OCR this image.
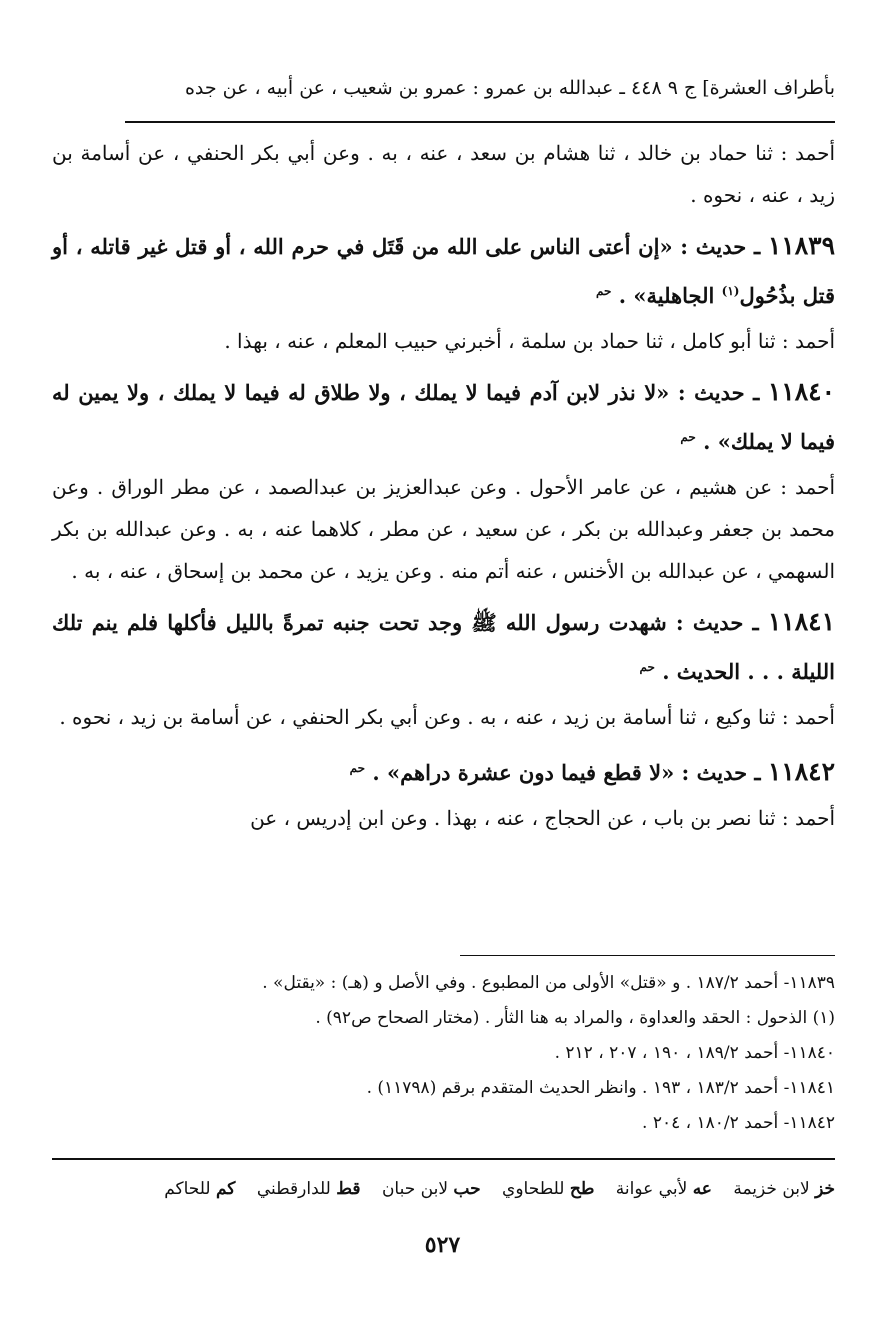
بأطراف العشرة] ج ٩ ٤٤٨ ـ عبدالله بن عمرو : عمرو بن شعيب ، عن أبيه ، عن جده

أحمد : ثنا حماد بن خالد ، ثنا هشام بن سعد ، عنه ، به . وعن أبي بكر الحنفي ، عن أسامة بن زيد ، عنه ، نحوه .

١١٨٣٩ ـ حديث : «إن أعتى الناس على الله من قَتَل في حرم الله ، أو قتل غير قاتله ، أو قتل بذُحُول$^{(١)}$ الجاهلية» . $^{حم}$

أحمد : ثنا أبو كامل ، ثنا حماد بن سلمة ، أخبرني حبيب المعلم ، عنه ، بهذا .

١١٨٤٠ ـ حديث : «لا نذر لابن آدم فيما لا يملك ، ولا طلاق له فيما لا يملك ، ولا يمين له فيما لا يملك» . $^{حم}$

أحمد : عن هشيم ، عن عامر الأحول . وعن عبدالعزيز بن عبدالصمد ، عن مطر الوراق . وعن محمد بن جعفر وعبدالله بن بكر ، عن سعيد ، عن مطر ، كلاهما عنه ، به . وعن عبدالله بن بكر السهمي ، عن عبدالله بن الأخنس ، عنه أتم منه . وعن يزيد ، عن محمد بن إسحاق ، عنه ، به .

١١٨٤١ ـ حديث : شهدت رسول الله ﷺ وجد تحت جنبه تمرةً بالليل فأكلها فلم ينم تلك الليلة . . . الحديث . $^{حم}$

أحمد : ثنا وكيع ، ثنا أسامة بن زيد ، عنه ، به . وعن أبي بكر الحنفي ، عن أسامة بن زيد ، نحوه .

١١٨٤٢ ـ حديث : «لا قطع فيما دون عشرة دراهم» . $^{حم}$

أحمد : ثنا نصر بن باب ، عن الحجاج ، عنه ، بهذا . وعن ابن إدريس ، عن

١١٨٣٩- أحمد ١٨٧/٢ . و «قتل» الأولى من المطبوع . وفي الأصل و (هـ) : «يقتل» .
(١) الذحول : الحقد والعداوة ، والمراد به هنا الثأر . (مختار الصحاح ص٩٢) .
١١٨٤٠- أحمد ١٨٩/٢ ، ١٩٠ ، ٢٠٧ ، ٢١٢ .
١١٨٤١- أحمد ١٨٣/٢ ، ١٩٣ . وانظر الحديث المتقدم برقم (١١٧٩٨) .
١١٨٤٢- أحمد ١٨٠/٢ ، ٢٠٤ .
خز لابن خزيمة عه لأبي عوانة طح للطحاوي حب لابن حبان قط للدارقطني كم للحاكم
٥٢٧
